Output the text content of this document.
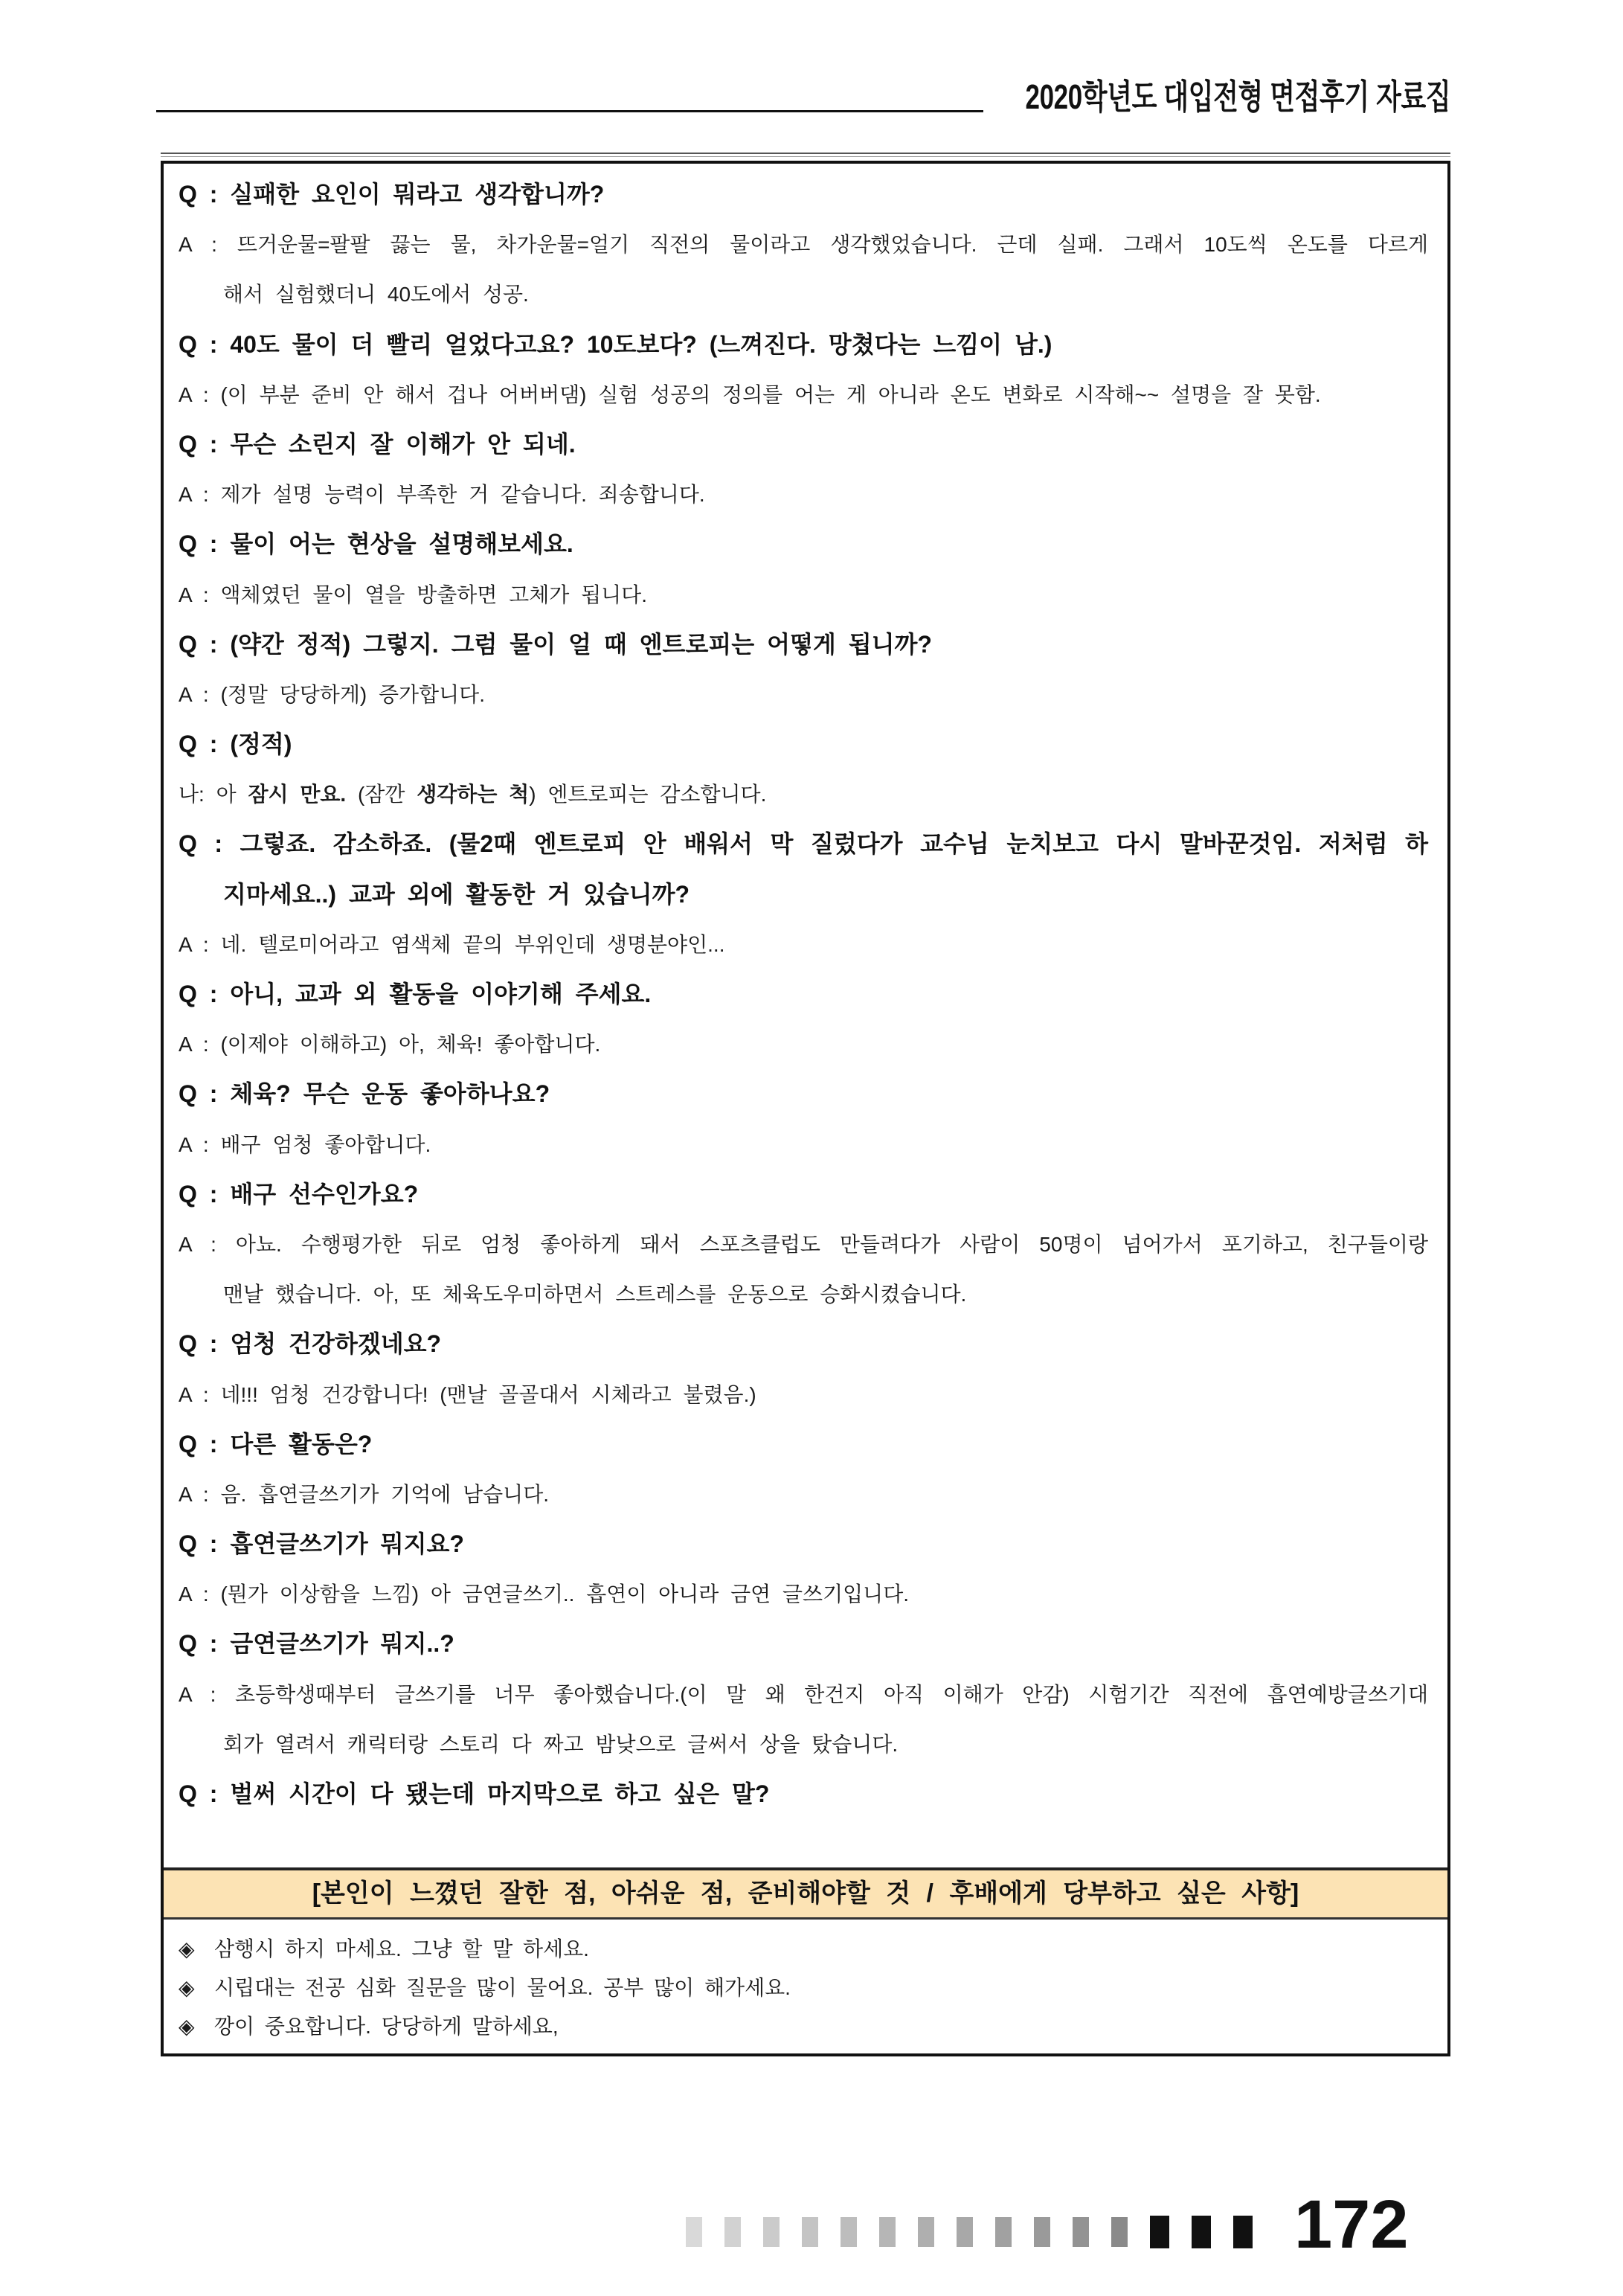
2020학년도 대입전형 면접후기 자료집
Q : 실패한 요인이 뭐라고 생각합니까?
A : 뜨거운물=팔팔 끓는 물, 차가운물=얼기 직전의 물이라고 생각했었습니다. 근데 실패. 그래서 10도씩 온도를 다르게
해서 실험했더니 40도에서 성공.
Q : 40도 물이 더 빨리 얼었다고요? 10도보다? (느껴진다. 망쳤다는 느낌이 남.)
A : (이 부분 준비 안 해서 겁나 어버버댐) 실험 성공의 정의를 어는 게 아니라 온도 변화로 시작해~~ 설명을 잘 못함.
Q : 무슨 소린지 잘 이해가 안 되네.
A : 제가 설명 능력이 부족한 거 같습니다. 죄송합니다.
Q : 물이 어는 현상을 설명해보세요.
A : 액체였던 물이 열을 방출하면 고체가 됩니다.
Q : (약간 정적) 그렇지. 그럼 물이 얼 때 엔트로피는 어떻게 됩니까?
A : (정말 당당하게) 증가합니다.
Q : (정적)
나: 아 잠시 만요. (잠깐 생각하는 척) 엔트로피는 감소합니다.
Q : 그렇죠. 감소하죠. (물2때 엔트로피 안 배워서 막 질렀다가 교수님 눈치보고 다시 말바꾼것임. 저처럼 하
지마세요..) 교과 외에 활동한 거 있습니까?
A : 네. 텔로미어라고 염색체 끝의 부위인데 생명분야인...
Q : 아니, 교과 외 활동을 이야기해 주세요.
A : (이제야 이해하고) 아, 체육! 좋아합니다.
Q : 체육? 무슨 운동 좋아하나요?
A : 배구 엄청 좋아합니다.
Q : 배구 선수인가요?
A : 아뇨. 수행평가한 뒤로 엄청 좋아하게 돼서 스포츠클럽도 만들려다가 사람이 50명이 넘어가서 포기하고, 친구들이랑
맨날 했습니다. 아, 또 체육도우미하면서 스트레스를 운동으로 승화시켰습니다.
Q : 엄청 건강하겠네요?
A : 네!!! 엄청 건강합니다! (맨날 골골대서 시체라고 불렸음.)
Q : 다른 활동은?
A : 음. 흡연글쓰기가 기억에 남습니다.
Q : 흡연글쓰기가 뭐지요?
A : (뭔가 이상함을 느낌) 아 금연글쓰기.. 흡연이 아니라 금연 글쓰기입니다.
Q : 금연글쓰기가 뭐지..?
A : 초등학생때부터 글쓰기를 너무 좋아했습니다.(이 말 왜 한건지 아직 이해가 안감) 시험기간 직전에 흡연예방글쓰기대
회가 열려서 캐릭터랑 스토리 다 짜고 밤낮으로 글써서 상을 탔습니다.
Q : 벌써 시간이 다 됐는데 마지막으로 하고 싶은 말?
[본인이 느꼈던 잘한 점, 아쉬운 점, 준비해야할 것 / 후배에게 당부하고 싶은 사항]
◈ 삼행시 하지 마세요. 그냥 할 말 하세요.
◈ 시립대는 전공 심화 질문을 많이 물어요. 공부 많이 해가세요.
◈ 깡이 중요합니다. 당당하게 말하세요,
172
